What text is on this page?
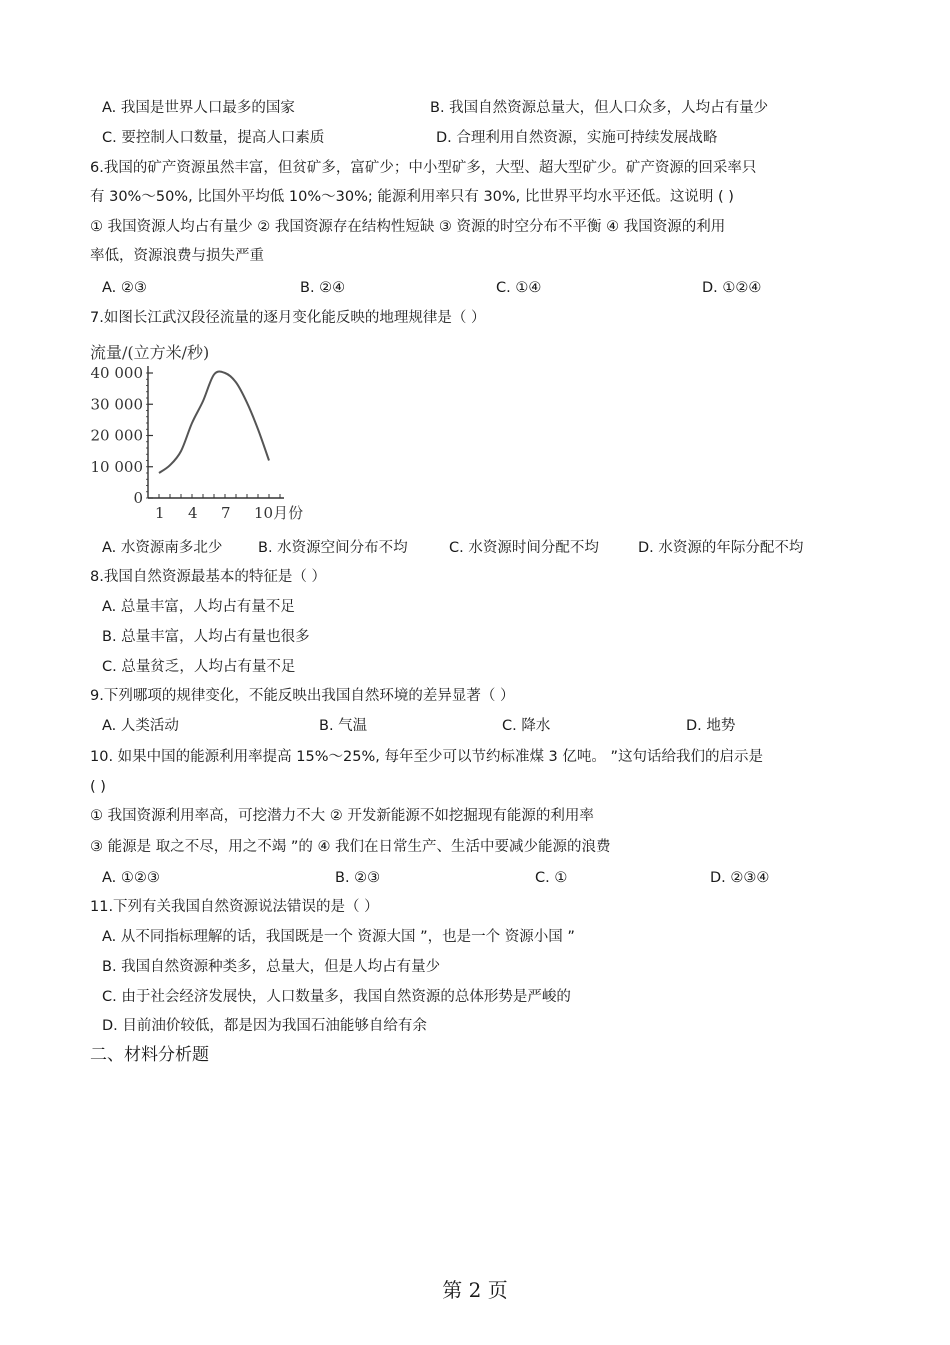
A. 我国是世界人口最多的国家	B. 我国自然资源总量大，但人口众多，人均占有量少
C. 要控制人口数量，提高人口素质	D. 合理利用自然资源，实施可持续发展战略
6.我国的矿产资源虽然丰富，但贫矿多，富矿少；中小型矿多，大型、超大型矿少。矿产资源的回采率只
有 30%～50%, 比国外平均低 10%～30%; 能源利用率只有 30%, 比世界平均水平还低。这说明 ( )
① 我国资源人均占有量少 ② 我国资源存在结构性短缺 ③ 资源的时空分布不平衡 ④ 我国资源的利用
率低，资源浪费与损失严重
A. ②③	B. ②④	C. ①④	D. ①②④
7.如图长江武汉段径流量的逐月变化能反映的地理规律是（ ）
流量/(立方米/秒)
40 000
30 000
20 000
10 000
0
1 4 7 10月份
A. 水资源南多北少 B. 水资源空间分布不均	C. 水资源时间分配不均	D. 水资源的年际分配不均
8.我国自然资源最基本的特征是（ ）
A. 总量丰富，人均占有量不足
B. 总量丰富，人均占有量也很多
C. 总量贫乏，人均占有量不足
9.下列哪项的规律变化，不能反映出我国自然环境的差异显著（ ）
A. 人类活动	B. 气温	C. 降水	D. 地势
10. 如果中国的能源利用率提高 15%～25%, 每年至少可以节约标准煤 3 亿吨。 ”这句话给我们的启示是
( )
① 我国资源利用率高，可挖潜力不大 ② 开发新能源不如挖掘现有能源的利用率
③ 能源是 取之不尽，用之不竭 ”的 ④ 我们在日常生产、生活中要减少能源的浪费
A. ①②③	B. ②③	C. ①	D. ②③④
11.下列有关我国自然资源说法错误的是（ ）
A. 从不同指标理解的话，我国既是一个 资源大国 ”，也是一个 资源小国 ”
B. 我国自然资源种类多，总量大，但是人均占有量少
C. 由于社会经济发展快，人口数量多，我国自然资源的总体形势是严峻的
D. 目前油价较低，都是因为我国石油能够自给有余
二、材料分析题
第 2 页
